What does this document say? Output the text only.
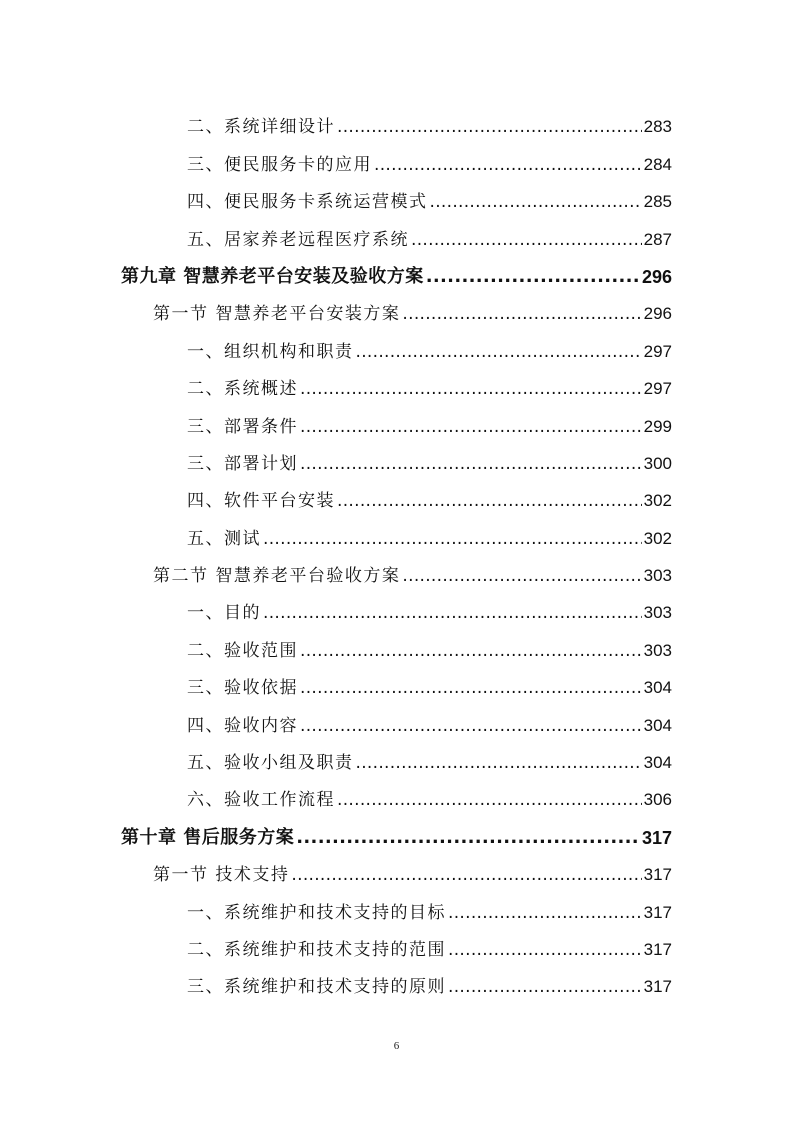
二、系统详细设计 .....	283
三、便民服务卡的应用 .....	284
四、便民服务卡系统运营模式 .....	285
五、居家养老远程医疗系统 .....	287
第九章 智慧养老平台安装及验收方案 .....	296
第一节 智慧养老平台安装方案 .....	296
一、组织机构和职责 .....	297
二、系统概述 .....	297
三、部署条件 .....	299
三、部署计划 .....	300
四、软件平台安装 .....	302
五、测试 .....	302
第二节 智慧养老平台验收方案 .....	303
一、目的 .....	303
二、验收范围 .....	303
三、验收依据 .....	304
四、验收内容 .....	304
五、验收小组及职责 .....	304
六、验收工作流程 .....	306
第十章 售后服务方案 .....	317
第一节 技术支持 .....	317
一、系统维护和技术支持的目标 .....	317
二、系统维护和技术支持的范围 .....	317
三、系统维护和技术支持的原则 .....	317
6
